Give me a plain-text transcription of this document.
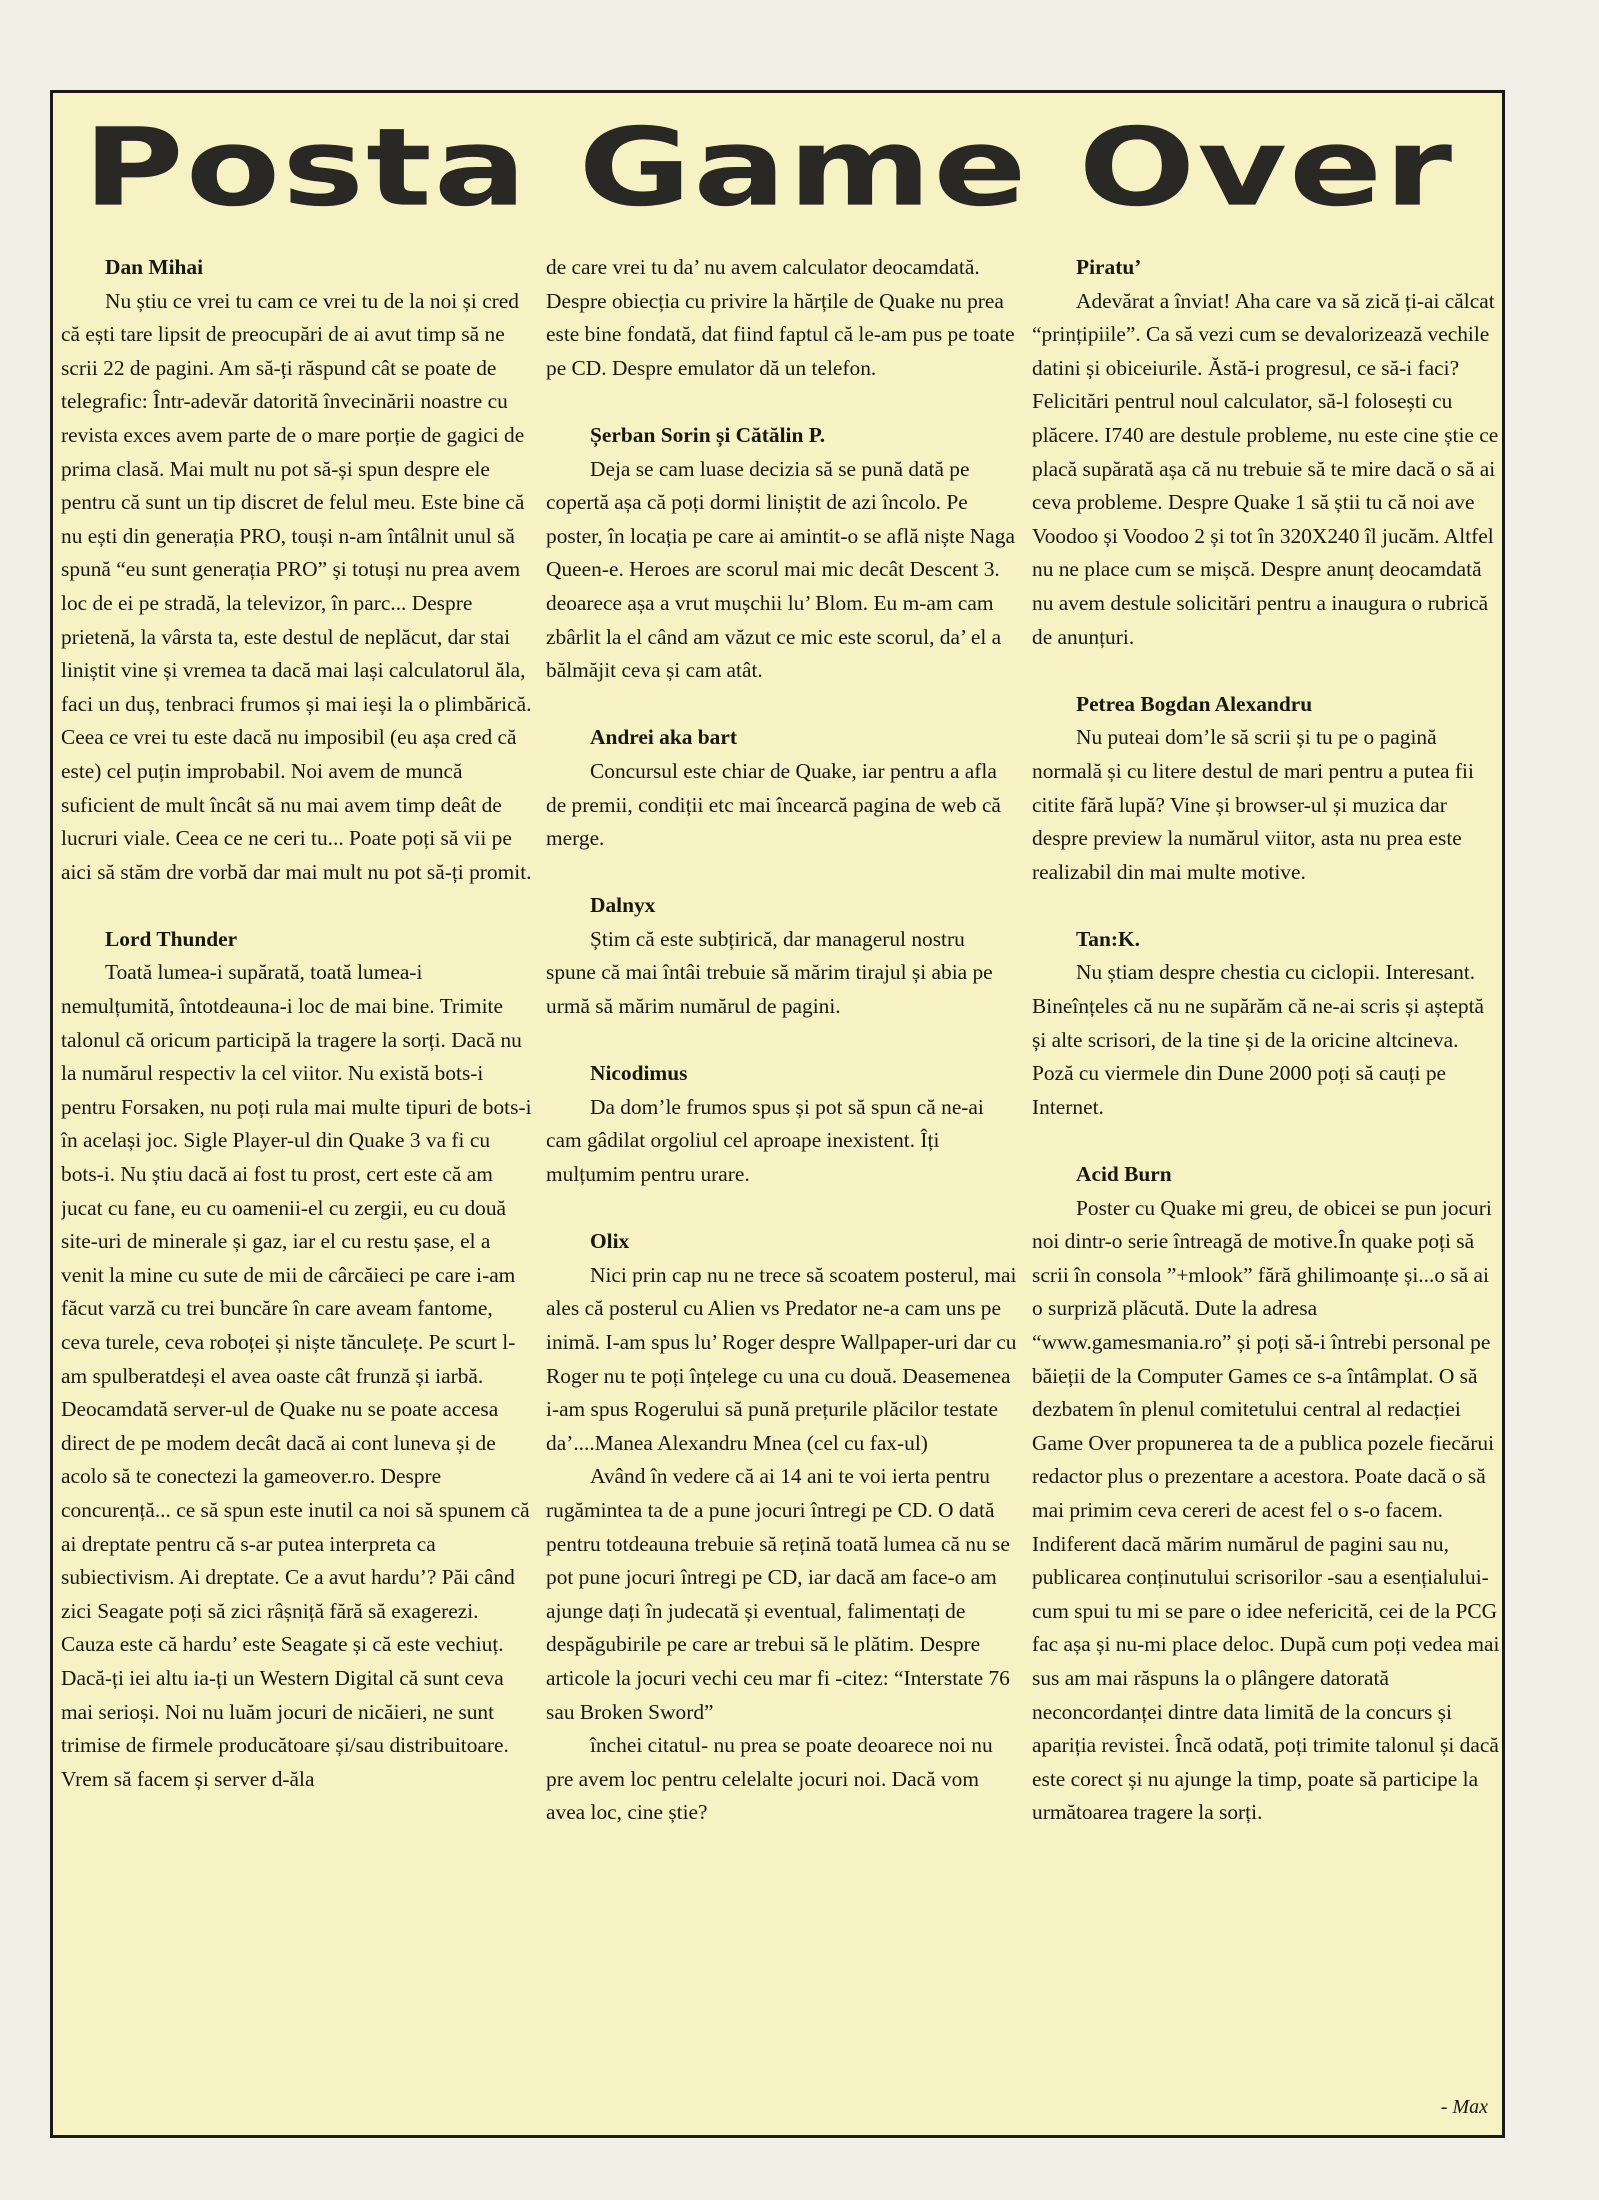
Posta Game Over
Dan Mihai
Nu știu ce vrei tu cam ce vrei tu de la noi și cred că ești tare lipsit de preocupări de ai avut timp să ne scrii 22 de pagini. Am să-ți răspund cât se poate de telegrafic: Într-adevăr datorită învecinării noastre cu revista exces avem parte de o mare porție de gagici de prima clasă. Mai mult nu pot să-și spun despre ele pentru că sunt un tip discret de felul meu. Este bine că nu ești din generația PRO, touși n-am întâlnit unul să spună “eu sunt generația PRO” și totuși nu prea avem loc de ei pe stradă, la televizor, în parc... Despre prietenă, la vârsta ta, este destul de neplăcut, dar stai liniștit vine și vremea ta dacă mai lași calculatorul ăla, faci un duș, tenbraci frumos și mai ieși la o plimbărică. Ceea ce vrei tu este dacă nu imposibil (eu așa cred că este) cel puțin improbabil. Noi avem de muncă suficient de mult încât să nu mai avem timp deât de lucruri viale. Ceea ce ne ceri tu... Poate poți să vii pe aici să stăm dre vorbă dar mai mult nu pot să-ți promit.
Lord Thunder
Toată lumea-i supărată, toată lumea-i nemulțumită, întotdeauna-i loc de mai bine. Trimite talonul că oricum participă la tragere la sorți. Dacă nu la numărul respectiv la cel viitor. Nu există bots-i pentru Forsaken, nu poți rula mai multe tipuri de bots-i în același joc. Sigle Player-ul din Quake 3 va fi cu bots-i. Nu știu dacă ai fost tu prost, cert este că am jucat cu fane, eu cu oamenii-el cu zergii, eu cu două site-uri de minerale și gaz, iar el cu restu șase, el a venit la mine cu sute de mii de cârcăieci pe care i-am făcut varză cu trei buncăre în care aveam fantome, ceva turele, ceva roboței și niște tănculețe. Pe scurt l-am spulberatdeși el avea oaste cât frunză și iarbă. Deocamdată server-ul de Quake nu se poate accesa direct de pe modem decât dacă ai cont luneva și de acolo să te conectezi la gameover.ro. Despre concurență... ce să spun este inutil ca noi să spunem că ai dreptate pentru că s-ar putea interpreta ca subiectivism. Ai dreptate. Ce a avut hardu’? Păi când zici Seagate poți să zici râșniță fără să exagerezi. Cauza este că hardu’ este Seagate și că este vechiuț. Dacă-ți iei altu ia-ți un Western Digital că sunt ceva mai serioși. Noi nu luăm jocuri de nicăieri, ne sunt trimise de firmele producătoare și/sau distribuitoare. Vrem să facem și server d-ăla
de care vrei tu da’ nu avem calculator deocamdată. Despre obiecția cu privire la hărțile de Quake nu prea este bine fondată, dat fiind faptul că le-am pus pe toate pe CD. Despre emulator dă un telefon.
Șerban Sorin și Cătălin P.
Deja se cam luase decizia să se pună dată pe copertă așa că poți dormi liniștit de azi încolo. Pe poster, în locația pe care ai amintit-o se află niște Naga Queen-e. Heroes are scorul mai mic decât Descent 3. deoarece așa a vrut mușchii lu’ Blom. Eu m-am cam zbârlit la el când am văzut ce mic este scorul, da’ el a bălmăjit ceva și cam atât.
Andrei aka bart
Concursul este chiar de Quake, iar pentru a afla de premii, condiții etc mai încearcă pagina de web că merge.
Dalnyx
Știm că este subțirică, dar managerul nostru spune că mai întâi trebuie să mărim tirajul și abia pe urmă să mărim numărul de pagini.
Nicodimus
Da dom’le frumos spus și pot să spun că ne-ai cam gâdilat orgoliul cel aproape inexistent. Îți mulțumim pentru urare.
Olix
Nici prin cap nu ne trece să scoatem posterul, mai ales că posterul cu Alien vs Predator ne-a cam uns pe inimă. I-am spus lu’ Roger despre Wallpaper-uri dar cu Roger nu te poți înțelege cu una cu două. Deasemenea i-am spus Rogerului să pună prețurile plăcilor testate da’....Manea Alexandru Mnea (cel cu fax-ul)
Având în vedere că ai 14 ani te voi ierta pentru rugămintea ta de a pune jocuri întregi pe CD. O dată pentru totdeauna trebuie să rețină toată lumea că nu se pot pune jocuri întregi pe CD, iar dacă am face-o am ajunge dați în judecată și eventual, falimentați de despăgubirile pe care ar trebui să le plătim. Despre articole la jocuri vechi ceu mar fi -citez: “Interstate 76 sau Broken Sword”
închei citatul- nu prea se poate deoarece noi nu pre avem loc pentru celelalte jocuri noi. Dacă vom avea loc, cine știe?
Piratu’
Adevărat a înviat! Aha care va să zică ți-ai călcat “prințipiile”. Ca să vezi cum se devalorizează vechile datini și obiceiurile. Ăstă-i progresul, ce să-i faci? Felicitări pentrul noul calculator, să-l folosești cu plăcere. I740 are destule probleme, nu este cine știe ce placă supărată așa că nu trebuie să te mire dacă o să ai ceva probleme. Despre Quake 1 să știi tu că noi ave Voodoo și Voodoo 2 și tot în 320X240 îl jucăm. Altfel nu ne place cum se mișcă. Despre anunț deocamdată nu avem destule solicitări pentru a inaugura o rubrică de anunțuri.
Petrea Bogdan Alexandru
Nu puteai dom’le să scrii și tu pe o pagină normală și cu litere destul de mari pentru a putea fii citite fără lupă? Vine și browser-ul și muzica dar despre preview la numărul viitor, asta nu prea este realizabil din mai multe motive.
Tan:K.
Nu știam despre chestia cu ciclopii. Interesant. Bineînțeles că nu ne supărăm că ne-ai scris și așteptă și alte scrisori, de la tine și de la oricine altcineva. Poză cu viermele din Dune 2000 poți să cauți pe Internet.
Acid Burn
Poster cu Quake mi greu, de obicei se pun jocuri noi dintr-o serie întreagă de motive.În quake poți să scrii în consola ”+mlook” fără ghilimoanțe și...o să ai o surpriză plăcută. Dute la adresa “www.gamesmania.ro” și poți să-i întrebi personal pe băieții de la Computer Games ce s-a întâmplat. O să dezbatem în plenul comitetului central al redacției Game Over propunerea ta de a publica pozele fiecărui redactor plus o prezentare a acestora. Poate dacă o să mai primim ceva cereri de acest fel o s-o facem. Indiferent dacă mărim numărul de pagini sau nu, publicarea conținutului scrisorilor -sau a esențialului- cum spui tu mi se pare o idee nefericită, cei de la PCG fac așa și nu-mi place deloc. După cum poți vedea mai sus am mai răspuns la o plângere datorată neconcordanței dintre data limită de la concurs și apariția revistei. Încă odată, poți trimite talonul și dacă este corect și nu ajunge la timp, poate să participe la următoarea tragere la sorți.
- Max
